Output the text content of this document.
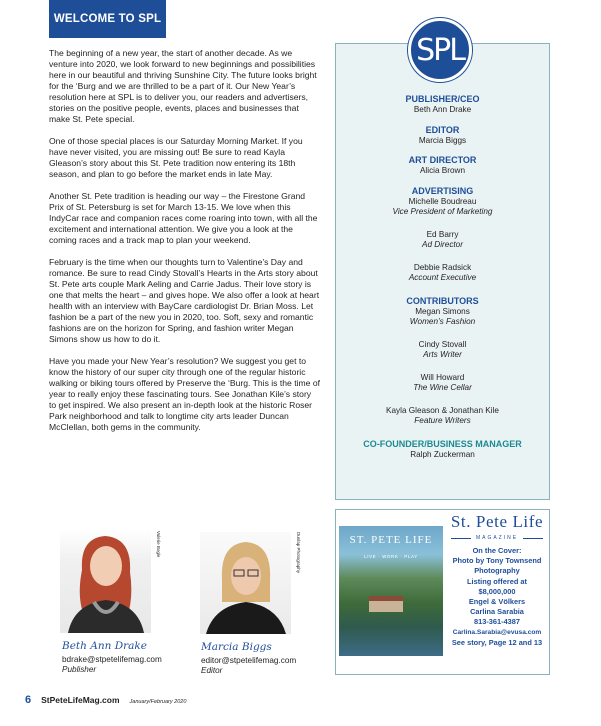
WELCOME TO SPL

The beginning of a new year, the start of another decade. As we venture into 2020, we look forward to new beginnings and possibilities here in our beautiful and thriving Sunshine City. The future looks bright for the ‘Burg and we are thrilled to be a part of it. Our New Year’s resolution here at SPL is to deliver you, our readers and advertisers, stories on the positive people, events, places and businesses that make St. Pete special.

One of those special places is our Saturday Morning Market. If you have never visited, you are missing out! Be sure to read Kayla Gleason’s story about this St. Pete tradition now entering its 18th season, and plan to go before the market ends in late May.

Another St. Pete tradition is heading our way – the Firestone Grand Prix of St. Petersburg is set for March 13-15. We love when this IndyCar race and companion races come roaring into town, with all the excitement and international attention. We give you a look at the coming races and a track map to plan your weekend.

February is the time when our thoughts turn to Valentine’s Day and romance. Be sure to read Cindy Stovall’s Hearts in the Arts story about St. Pete arts couple Mark Aeling and Carrie Jadus. Their love story is one that melts the heart – and gives hope. We also offer a look at heart health with an interview with BayCare cardiologist Dr. Brian Moss. Let fashion be a part of the new you in 2020, too. Soft, sexy and romantic fashions are on the horizon for Spring, and fashion writer Megan Simons show us how to do it.

Have you made your New Year’s resolution? We suggest you get to know the history of our super city through one of the regular historic walking or biking tours offered by Preserve the ‘Burg. This is the time of year to really enjoy these fascinating tours. See Jonathan Kile’s story to get inspired. We also present an in-depth look at the historic Roser Park neighborhood and talk to longtime city arts leader Duncan McClellan, both gems in the community.

PUBLISHER/CEO
Beth Ann Drake
EDITOR
Marcia Biggs
ART DIRECTOR
Alicia Brown
ADVERTISING
Michelle Boudreau
Vice President of Marketing
Ed Barry
Ad Director
Debbie Radsick
Account Executive
CONTRIBUTORS
Megan Simons
Women’s Fashion
Cindy Stovall
Arts Writer
Will Howard
The Wine Cellar
Kayla Gleason & Jonathan Kile
Feature Writers
CO-FOUNDER/BUSINESS MANAGER
Ralph Zuckerman
SPL
ST. PETE LIFE
LIVE · WORK · PLAY
St. Pete Life
MAGAZINE
On the Cover:
Photo by Tony Townsend
Photography
Listing offered at
$8,000,000
Engel & Völkers
Carlina Sarabia
813-361-4387
Carlina.Sarabia@evusa.com
See story, Page 12 and 13
Valerie Bogle	Dunlap Photography
Beth Ann Drake
bdrake@stpetelifemag.com
Publisher
Marcia Biggs
editor@stpetelifemag.com
Editor
6 StPeteLifeMag.com January/February 2020
